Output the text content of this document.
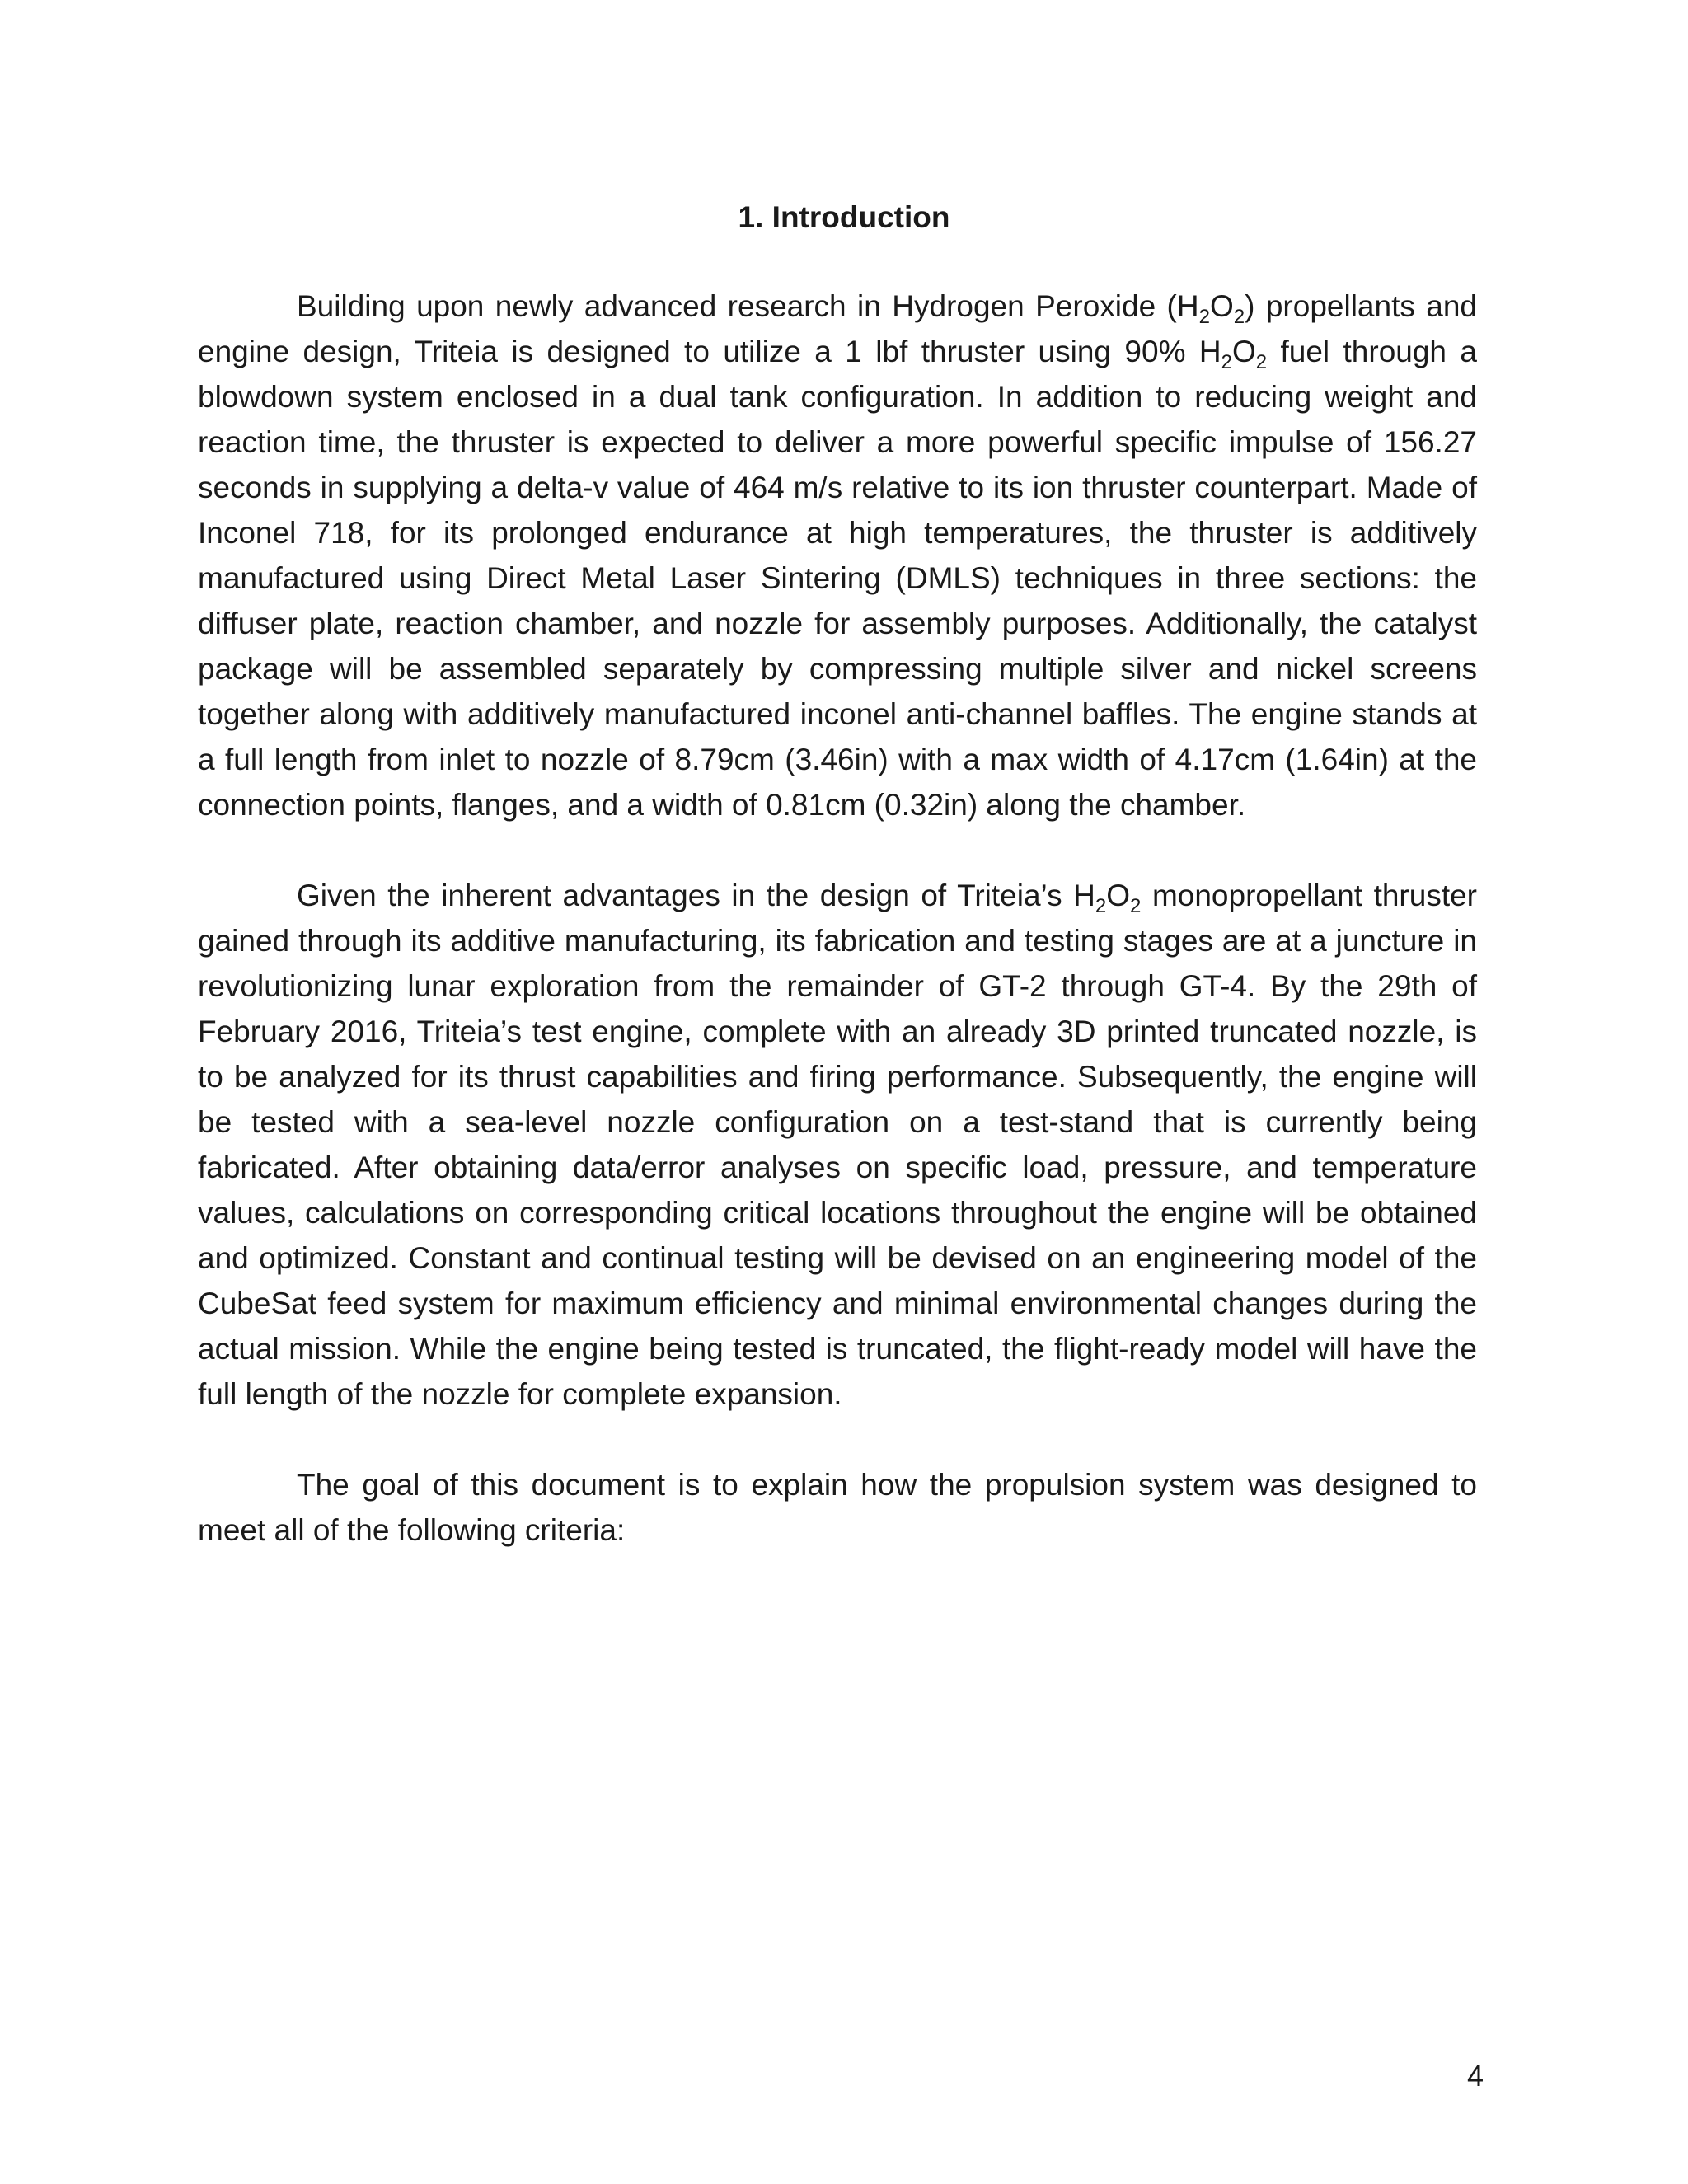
1. Introduction

Building upon newly advanced research in Hydrogen Peroxide $(H_2O_2)$ propellants and engine design, Triteia is designed to utilize a 1 lbf thruster using 90% $H_2O_2$ fuel through a blowdown system enclosed in a dual tank configuration. In addition to reducing weight and reaction time, the thruster is expected to deliver a more powerful specific impulse of 156.27 seconds in supplying a delta-v value of 464 m/s relative to its ion thruster counterpart. Made of Inconel 718, for its prolonged endurance at high temperatures, the thruster is additively manufactured using Direct Metal Laser Sintering (DMLS) techniques in three sections: the diffuser plate, reaction chamber, and nozzle for assembly purposes. Additionally, the catalyst package will be assembled separately by compressing multiple silver and nickel screens together along with additively manufactured inconel anti-channel baffles. The engine stands at a full length from inlet to nozzle of 8.79cm (3.46in) with a max width of 4.17cm (1.64in) at the connection points, flanges, and a width of 0.81cm (0.32in) along the chamber.

Given the inherent advantages in the design of Triteia’s $H_2O_2$ monopropellant thruster gained through its additive manufacturing, its fabrication and testing stages are at a juncture in revolutionizing lunar exploration from the remainder of GT-2 through GT-4. By the 29th of February 2016, Triteia’s test engine, complete with an already 3D printed truncated nozzle, is to be analyzed for its thrust capabilities and firing performance. Subsequently, the engine will be tested with a sea-level nozzle configuration on a test-stand that is currently being fabricated. After obtaining data/error analyses on specific load, pressure, and temperature values, calculations on corresponding critical locations throughout the engine will be obtained and optimized. Constant and continual testing will be devised on an engineering model of the CubeSat feed system for maximum efficiency and minimal environmental changes during the actual mission. While the engine being tested is truncated, the flight-ready model will have the full length of the nozzle for complete expansion.

The goal of this document is to explain how the propulsion system was designed to meet all of the following criteria:

4
